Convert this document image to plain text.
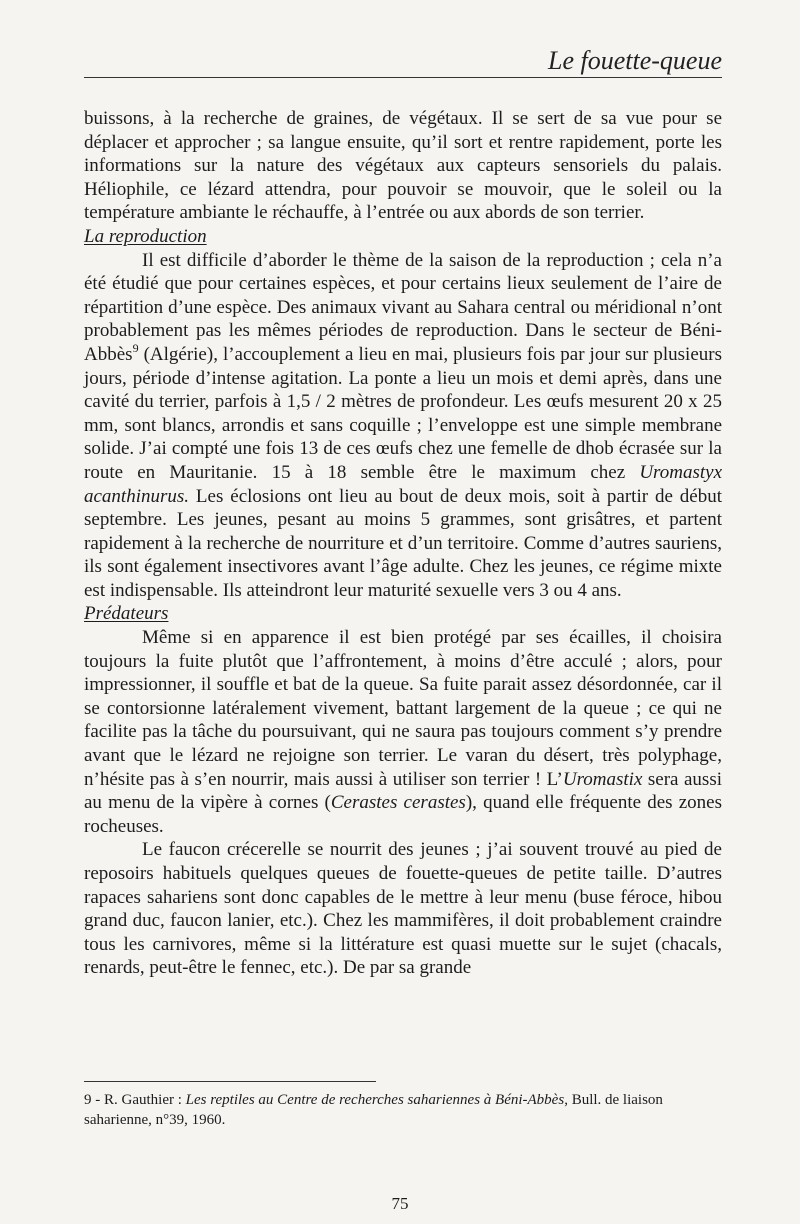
Le fouette-queue

buissons, à la recherche de graines, de végétaux. Il se sert de sa vue pour se déplacer et approcher ; sa langue ensuite, qu’il sort et rentre rapidement, porte les informations sur la nature des végétaux aux capteurs sensoriels du palais. Héliophile, ce lézard attendra, pour pouvoir se mouvoir, que le soleil ou la température ambiante le réchauffe, à l’entrée ou aux abords de son terrier.

La reproduction

Il est difficile d’aborder le thème de la saison de la reproduction ; cela n’a été étudié que pour certaines espèces, et pour certains lieux seulement de l’aire de répartition d’une espèce. Des animaux vivant au Sahara central ou méridional n’ont probablement pas les mêmes périodes de reproduction. Dans le secteur de Béni-Abbès$^9$ (Algérie), l’accouplement a lieu en mai, plusieurs fois par jour sur plusieurs jours, période d’intense agitation. La ponte a lieu un mois et demi après, dans une cavité du terrier, parfois à 1,5 / 2 mètres de profondeur. Les œufs mesurent 20 x 25 mm, sont blancs, arrondis et sans coquille ; l’enveloppe est une simple membrane solide. J’ai compté une fois 13 de ces œufs chez une femelle de dhob écrasée sur la route en Mauritanie. 15 à 18 semble être le maximum chez Uromastyx acanthinurus. Les éclosions ont lieu au bout de deux mois, soit à partir de début septembre. Les jeunes, pesant au moins 5 grammes, sont grisâtres, et partent rapidement à la recherche de nourriture et d’un territoire. Comme d’autres sauriens, ils sont également insectivores avant l’âge adulte. Chez les jeunes, ce régime mixte est indispensable. Ils atteindront leur maturité sexuelle vers 3 ou 4 ans.

Prédateurs

Même si en apparence il est bien protégé par ses écailles, il choisira toujours la fuite plutôt que l’affrontement, à moins d’être acculé ; alors, pour impressionner, il souffle et bat de la queue. Sa fuite parait assez désordonnée, car il se contorsionne latéralement vivement, battant largement de la queue ; ce qui ne facilite pas la tâche du poursuivant, qui ne saura pas toujours comment s’y prendre avant que le lézard ne rejoigne son terrier. Le varan du désert, très polyphage, n’hésite pas à s’en nourrir, mais aussi à utiliser son terrier ! L’Uromastix sera aussi au menu de la vipère à cornes (Cerastes cerastes), quand elle fréquente des zones rocheuses.

Le faucon crécerelle se nourrit des jeunes ; j’ai souvent trouvé au pied de reposoirs habituels quelques queues de fouette-queues de petite taille. D’autres rapaces sahariens sont donc capables de le mettre à leur menu (buse féroce, hibou grand duc, faucon lanier, etc.). Chez les mammifères, il doit probablement craindre tous les carnivores, même si la littérature est quasi muette sur le sujet (chacals, renards, peut-être le fennec, etc.). De par sa grande

9 - R. Gauthier : Les reptiles au Centre de recherches sahariennes à Béni-Abbès, Bull. de liaison saharienne, n°39, 1960.

75
